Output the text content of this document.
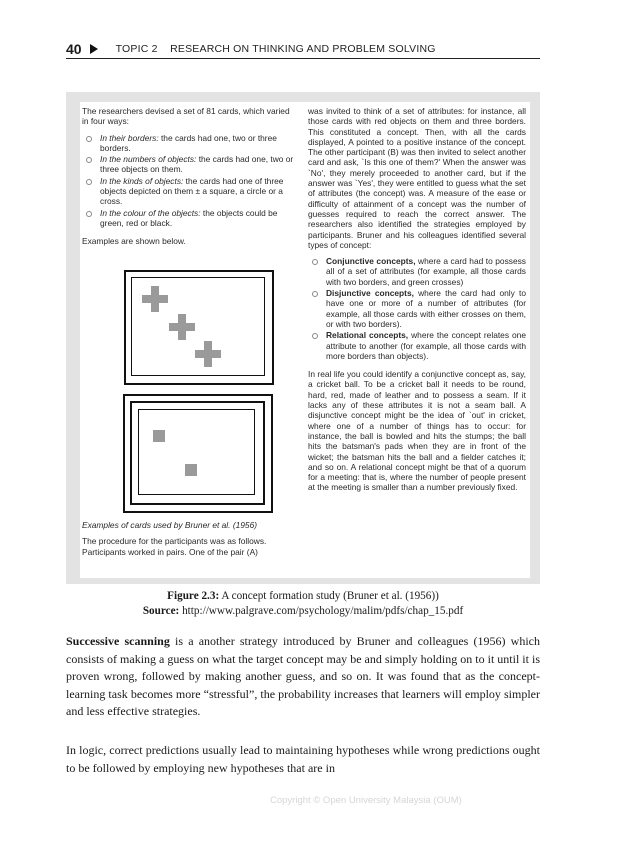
40	TOPIC 2    RESEARCH ON THINKING AND PROBLEM SOLVING

The researchers devised a set of 81 cards, which varied in four ways:

In their borders: the cards had one, two or three borders.
In the numbers of objects: the cards had one, two or three objects on them.
In the kinds of objects: the cards had one of three objects depicted on them ± a square, a circle or a cross.
In the colour of the objects: the objects could be green, red or black.

Examples are shown below.

Examples of cards used by Bruner et al. (1956)

The procedure for the participants was as follows. Participants worked in pairs. One of the pair (A)

was invited to think of a set of attributes: for instance, all those cards with red objects on them and three borders. This constituted a concept. Then, with all the cards displayed, A pointed to a positive instance of the concept. The other participant (B) was then invited to select another card and ask, `Is this one of them?' When the answer was `No', they merely proceeded to another card, but if the answer was `Yes', they were entitled to guess what the set of attributes (the concept) was. A measure of the ease or difficulty of attainment of a concept was the number of guesses required to reach the correct answer. The researchers also identified the strategies employed by participants. Bruner and his colleagues identified several types of concept:

Conjunctive concepts, where a card had to possess all of a set of attributes (for example, all those cards with two borders, and green crosses)
Disjunctive concepts, where the card had only to have one or more of a number of attributes (for example, all those cards with either crosses on them, or with two borders).
Relational concepts, where the concept relates one attribute to another (for example, all those cards with more borders than objects).

In real life you could identify a conjunctive concept as, say, a cricket ball. To be a cricket ball it needs to be round, hard, red, made of leather and to possess a seam. If it lacks any of these attributes it is not a seam ball. A disjunctive concept might be the idea of `out' in cricket, where one of a number of things has to occur: for instance, the ball is bowled and hits the stumps; the ball hits the batsman's pads when they are in front of the wicket; the batsman hits the ball and a fielder catches it; and so on. A relational concept might be that of a quorum for a meeting: that is, where the number of people present at the meeting is smaller than a number previously fixed.

Figure 2.3: A concept formation study (Bruner et al. (1956))
Source: http://www.palgrave.com/psychology/malim/pdfs/chap_15.pdf

Successive scanning is a another strategy introduced by Bruner and colleagues (1956) which consists of making a guess on what the target concept may be and simply holding on to it until it is proven wrong, followed by making another guess, and so on. It was found that as the concept-learning task becomes more “stressful”, the probability increases that learners will employ simpler and less effective strategies.

In logic, correct predictions usually lead to maintaining hypotheses while wrong predictions ought to be followed by employing new hypotheses that are in

Copyright © Open University Malaysia (OUM)
